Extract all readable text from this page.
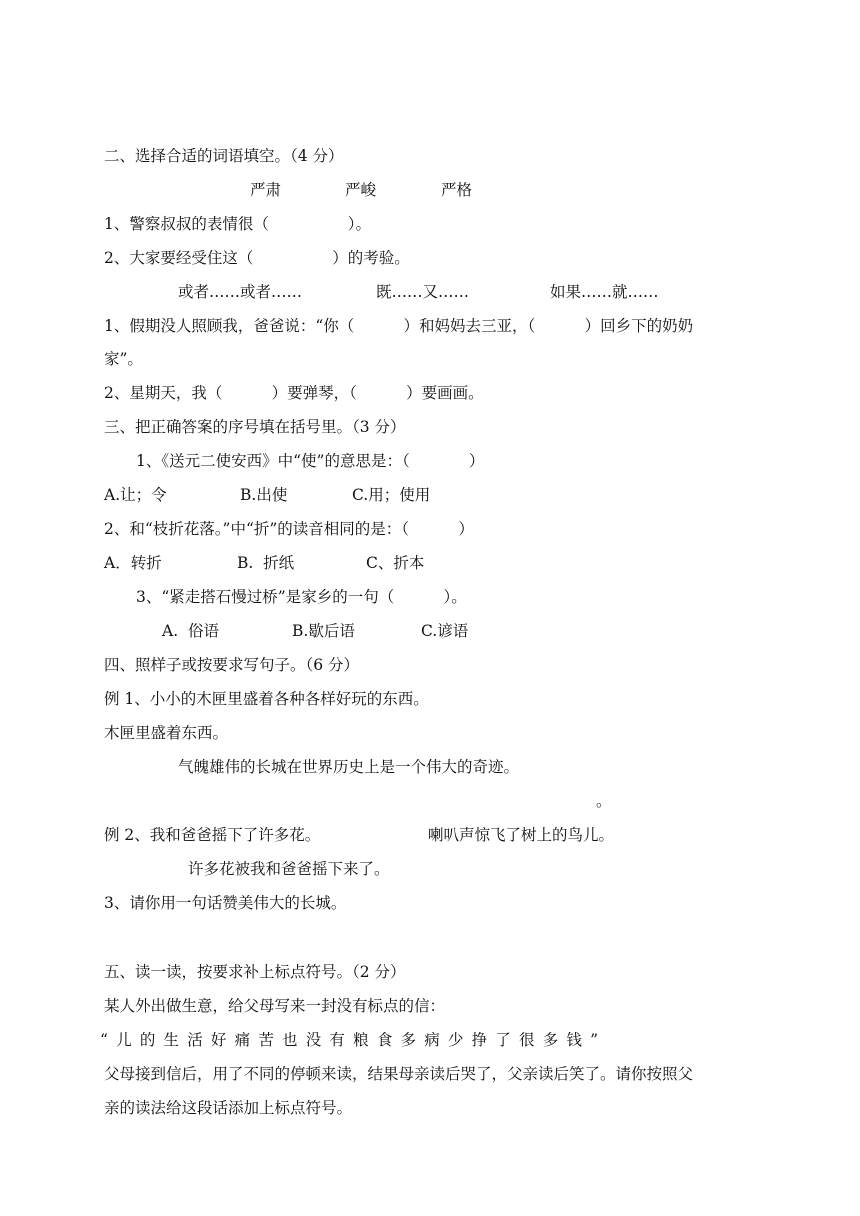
二、选择合适的词语填空。（4 分）

严肃

	严峻

	严格

1、警察叔叔的表情很（                ）。
2、大家要经受住这（                ）的考验。

或者……或者……

	既……又……

	如果……就……

1、假期没人照顾我，爸爸说：“你（          ）和妈妈去三亚，（          ）回乡下的奶奶
家”。
2、星期天，我（          ）要弹琴，（          ）要画画。
三、把正确答案的序号填在括号里。（3 分）
1、《送元二使安西》中“使”的意思是：（            ）

A.让；令

	B.出使

	C.用；使用

2、和“枝折花落。”中“折”的读音相同的是：（          ）

A．转折

	B.  折纸

	C、折本

3、“紧走搭石慢过桥”是家乡的一句（          ）。

A.  俗语

	B.歇后语

	C.谚语

四、照样子或按要求写句子。（6 分）
例 1、小小的木匣里盛着各种各样好玩的东西。
木匣里盛着东西。
气魄雄伟的长城在世界历史上是一个伟大的奇迹。
。
例 2、我和爸爸摇下了许多花。	喇叭声惊飞了树上的鸟儿。
许多花被我和爸爸摇下来了。
3、请你用一句话赞美伟大的长城。
五、读一读，按要求补上标点符号。（2 分）
某人外出做生意，给父母写来一封没有标点的信：
“儿的生活好痛苦也没有粮食多病少挣了很多钱”
父母接到信后，用了不同的停顿来读，结果母亲读后哭了，父亲读后笑了。请你按照父
亲的读法给这段话添加上标点符号。
